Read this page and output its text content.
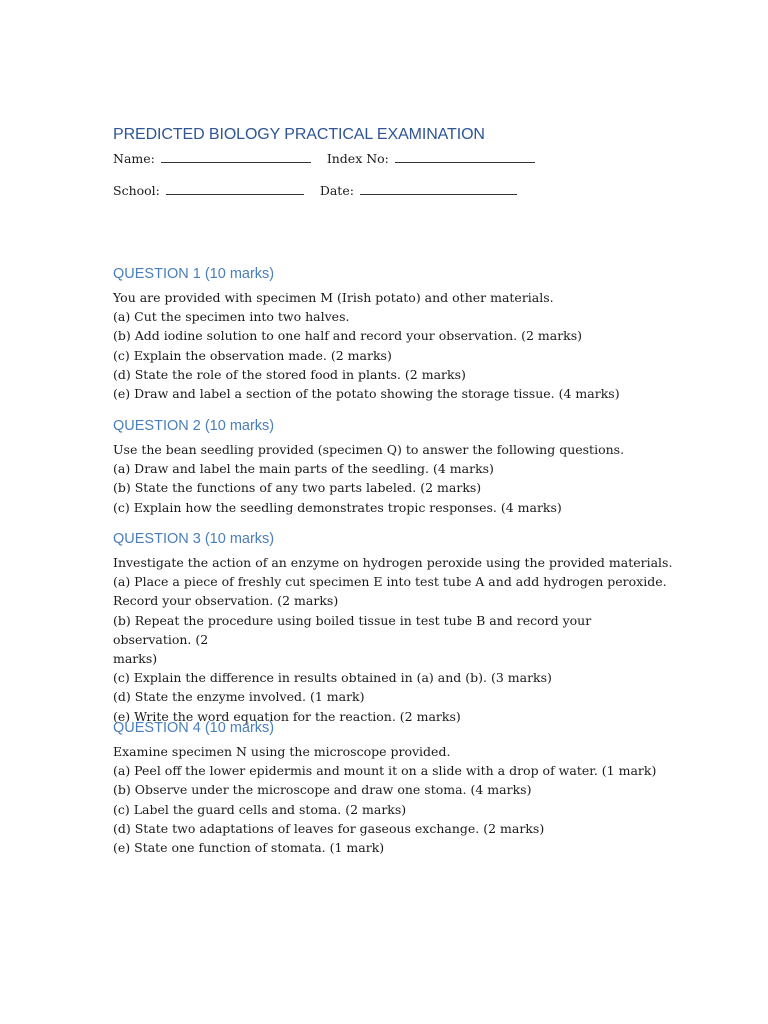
PREDICTED BIOLOGY PRACTICAL EXAMINATION
Name:	Index No:
School:	Date:
QUESTION 1 (10 marks)

You are provided with specimen M (Irish potato) and other materials.

(a) Cut the specimen into two halves.

(b) Add iodine solution to one half and record your observation. (2 marks)

(c) Explain the observation made. (2 marks)

(d) State the role of the stored food in plants. (2 marks)

(e) Draw and label a section of the potato showing the storage tissue. (4 marks)

QUESTION 2 (10 marks)

Use the bean seedling provided (specimen Q) to answer the following questions.

(a) Draw and label the main parts of the seedling. (4 marks)

(b) State the functions of any two parts labeled. (2 marks)

(c) Explain how the seedling demonstrates tropic responses. (4 marks)

QUESTION 3 (10 marks)

Investigate the action of an enzyme on hydrogen peroxide using the provided materials.

(a) Place a piece of freshly cut specimen E into test tube A and add hydrogen peroxide.

Record your observation. (2 marks)

(b) Repeat the procedure using boiled tissue in test tube B and record your observation. (2

marks)

(c) Explain the difference in results obtained in (a) and (b). (3 marks)

(d) State the enzyme involved. (1 mark)

(e) Write the word equation for the reaction. (2 marks)

QUESTION 4 (10 marks)

Examine specimen N using the microscope provided.

(a) Peel off the lower epidermis and mount it on a slide with a drop of water. (1 mark)

(b) Observe under the microscope and draw one stoma. (4 marks)

(c) Label the guard cells and stoma. (2 marks)

(d) State two adaptations of leaves for gaseous exchange. (2 marks)

(e) State one function of stomata. (1 mark)
